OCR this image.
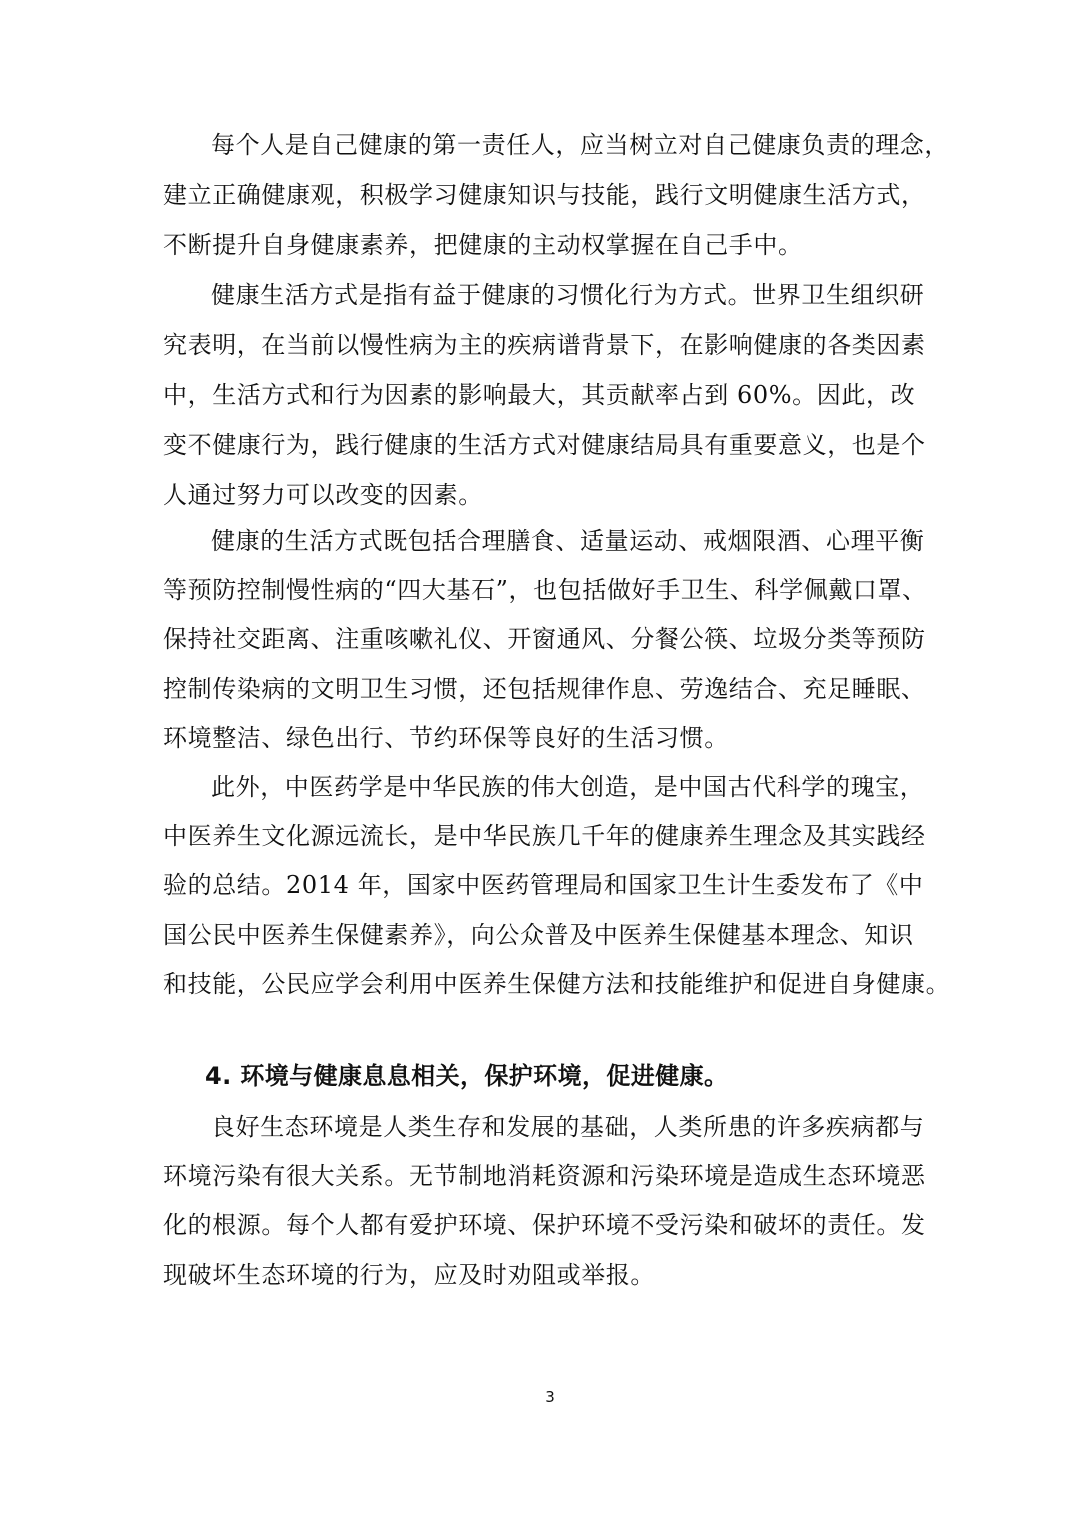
每个人是自己健康的第一责任人，应当树立对自己健康负责的理念，
建立正确健康观，积极学习健康知识与技能，践行文明健康生活方式，
不断提升自身健康素养，把健康的主动权掌握在自己手中。
健康生活方式是指有益于健康的习惯化行为方式。世界卫生组织研
究表明，在当前以慢性病为主的疾病谱背景下，在影响健康的各类因素
中，生活方式和行为因素的影响最大，其贡献率占到 60%。因此，改
变不健康行为，践行健康的生活方式对健康结局具有重要意义，也是个
人通过努力可以改变的因素。
健康的生活方式既包括合理膳食、适量运动、戒烟限酒、心理平衡
等预防控制慢性病的“四大基石”，也包括做好手卫生、科学佩戴口罩、
保持社交距离、注重咳嗽礼仪、开窗通风、分餐公筷、垃圾分类等预防
控制传染病的文明卫生习惯，还包括规律作息、劳逸结合、充足睡眠、
环境整洁、绿色出行、节约环保等良好的生活习惯。
此外，中医药学是中华民族的伟大创造，是中国古代科学的瑰宝，
中医养生文化源远流长，是中华民族几千年的健康养生理念及其实践经
验的总结。2014 年，国家中医药管理局和国家卫生计生委发布了《中
国公民中医养生保健素养》，向公众普及中医养生保健基本理念、知识
和技能，公民应学会利用中医养生保健方法和技能维护和促进自身健康。
4. 环境与健康息息相关，保护环境，促进健康。
良好生态环境是人类生存和发展的基础，人类所患的许多疾病都与
环境污染有很大关系。无节制地消耗资源和污染环境是造成生态环境恶
化的根源。每个人都有爱护环境、保护环境不受污染和破坏的责任。发
现破坏生态环境的行为，应及时劝阻或举报。
3
